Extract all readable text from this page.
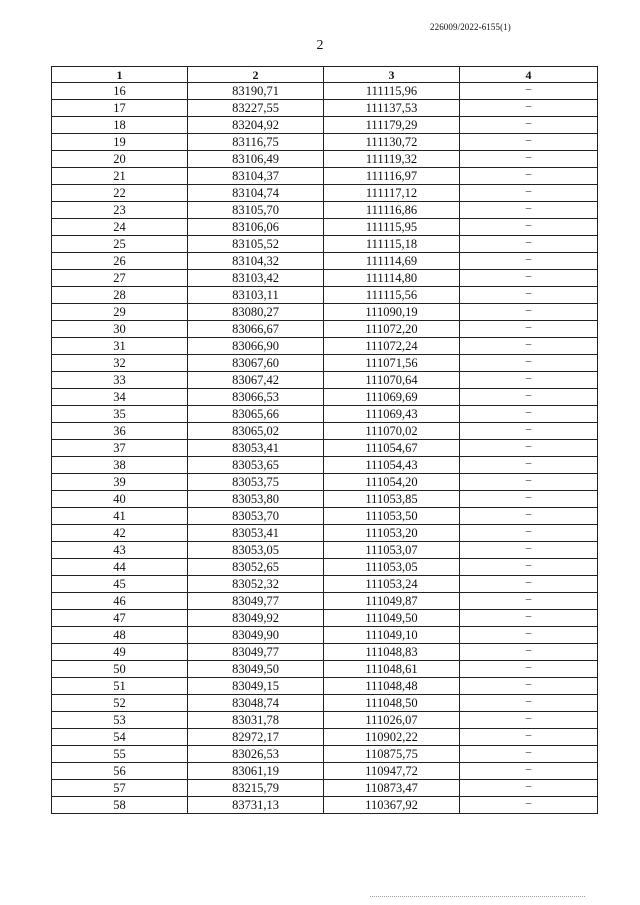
226009/2022-6155(1)
2
1	2	3	4
16	83190,71	111115,96	–
17	83227,55	111137,53	–
18	83204,92	111179,29	–
19	83116,75	111130,72	–
20	83106,49	111119,32	–
21	83104,37	111116,97	–
22	83104,74	111117,12	–
23	83105,70	111116,86	–
24	83106,06	111115,95	–
25	83105,52	111115,18	–
26	83104,32	111114,69	–
27	83103,42	111114,80	–
28	83103,11	111115,56	–
29	83080,27	111090,19	–
30	83066,67	111072,20	–
31	83066,90	111072,24	–
32	83067,60	111071,56	–
33	83067,42	111070,64	–
34	83066,53	111069,69	–
35	83065,66	111069,43	–
36	83065,02	111070,02	–
37	83053,41	111054,67	–
38	83053,65	111054,43	–
39	83053,75	111054,20	–
40	83053,80	111053,85	–
41	83053,70	111053,50	–
42	83053,41	111053,20	–
43	83053,05	111053,07	–
44	83052,65	111053,05	–
45	83052,32	111053,24	–
46	83049,77	111049,87	–
47	83049,92	111049,50	–
48	83049,90	111049,10	–
49	83049,77	111048,83	–
50	83049,50	111048,61	–
51	83049,15	111048,48	–
52	83048,74	111048,50	–
53	83031,78	111026,07	–
54	82972,17	110902,22	–
55	83026,53	110875,75	–
56	83061,19	110947,72	–
57	83215,79	110873,47	–
58	83731,13	110367,92	–
